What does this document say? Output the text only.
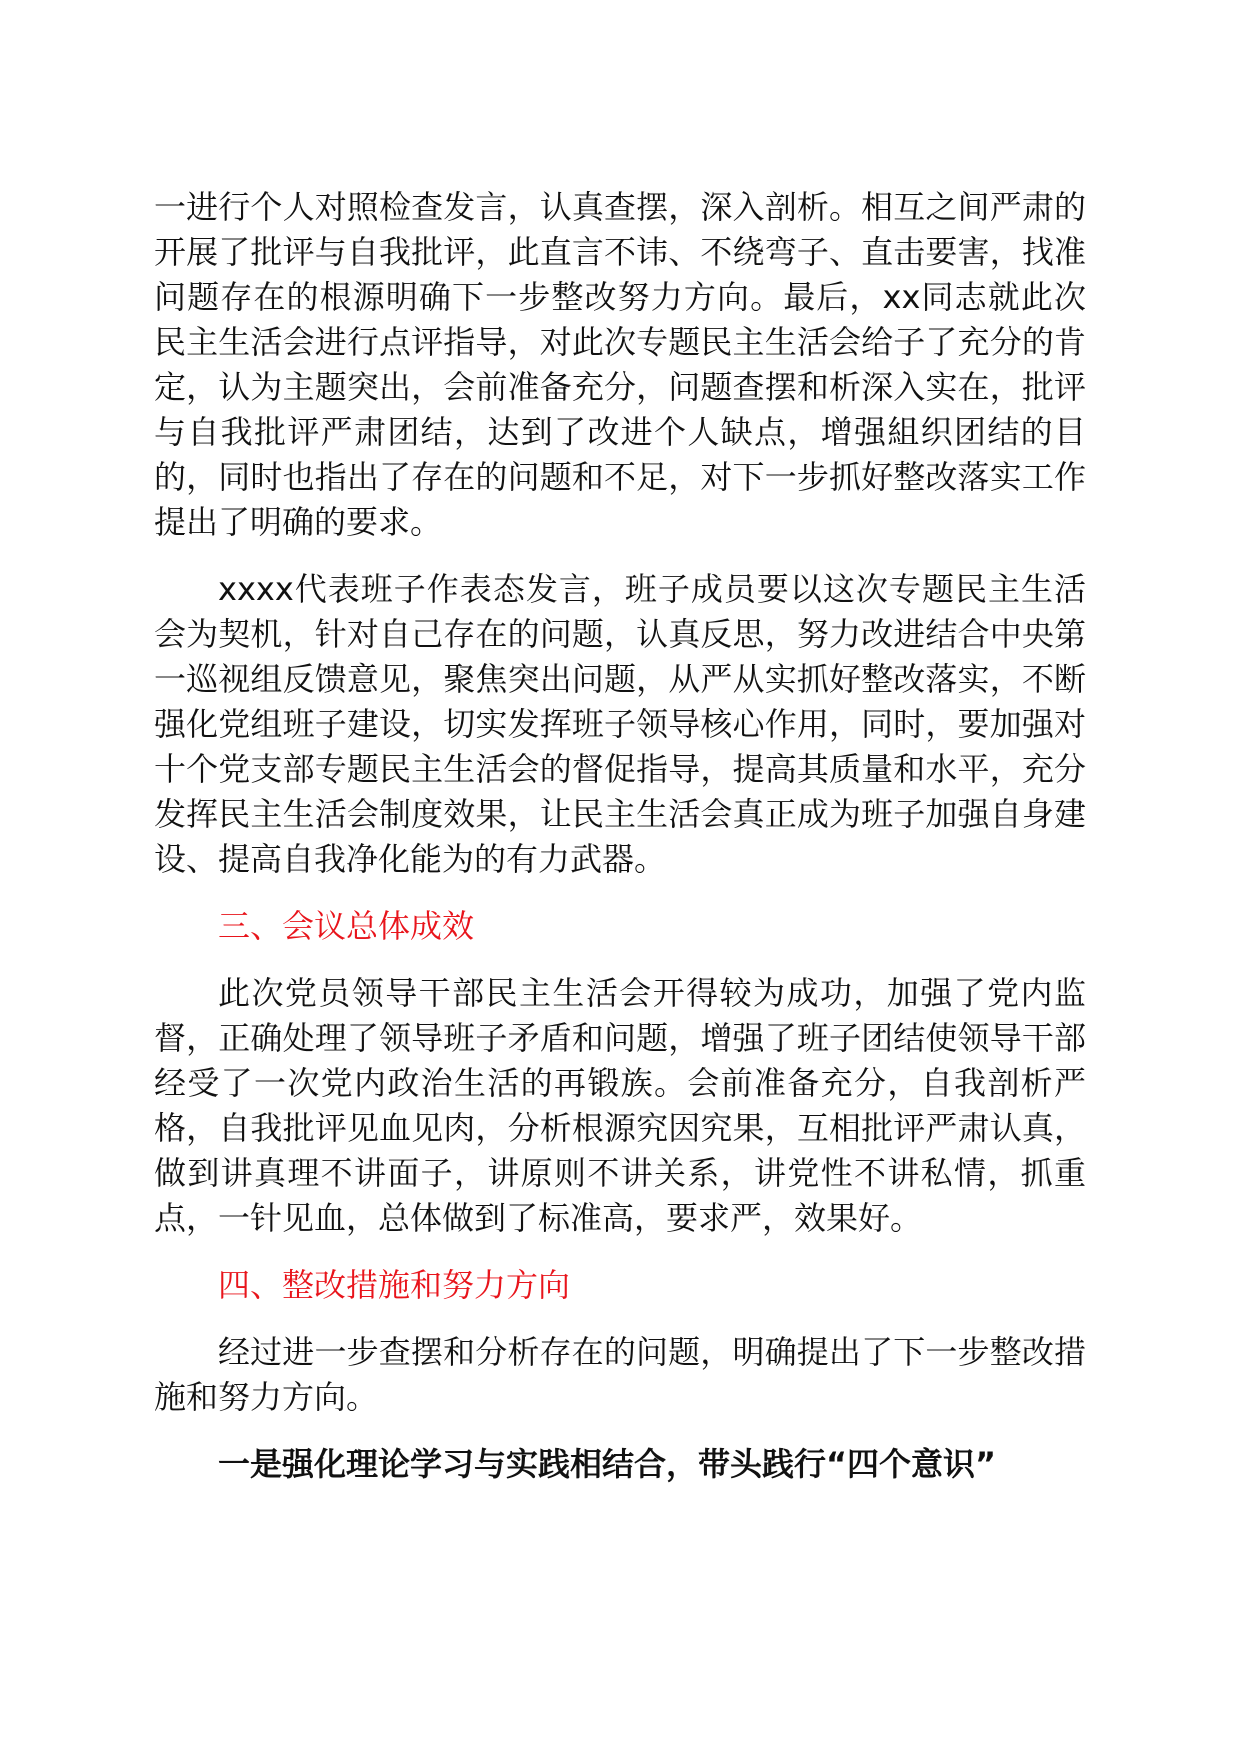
一进行个人对照检查发言，认真查摆，深入剖析。相互之间严肃的开展了批评与自我批评，此直言不讳、不绕弯子、直击要害，找准问题存在的根源明确下一步整改努力方向。最后，xx同志就此次民主生活会进行点评指导，对此次专题民主生活会给子了充分的肯定，认为主题突出，会前准备充分，问题查摆和析深入实在，批评与自我批评严肃团结，达到了改进个人缺点，增强組织团结的目的，同时也指出了存在的问题和不足，对下一步抓好整改落实工作提出了明确的要求。

xxxx代表班子作表态发言，班子成员要以这次专题民主生活会为契机，针对自己存在的问题，认真反思，努力改进结合中央第一巡视组反馈意见，聚焦突出问题，从严从实抓好整改落实，不断强化党组班子建设，切实发挥班子领导核心作用，同时，要加强对十个党支部专题民主生活会的督促指导，提高其质量和水平，充分发挥民主生活会制度效果，让民主生活会真正成为班子加强自身建设、提高自我净化能为的有力武器。

三、会议总体成效

此次党员领导干部民主生活会开得较为成功，加强了党内监督，正确处理了领导班子矛盾和问题，增强了班子团结使领导干部经受了一次党内政治生活的再锻族。会前准备充分，自我剖析严格，自我批评见血见肉，分析根源究因究果，互相批评严肃认真，做到讲真理不讲面子，讲原则不讲关系，讲党性不讲私情，抓重点，一针见血，总体做到了标准高，要求严，效果好。

四、整改措施和努力方向

经过进一步查摆和分析存在的问题，明确提出了下一步整改措施和努力方向。

一是强化理论学习与实践相结合，带头践行“四个意识”
